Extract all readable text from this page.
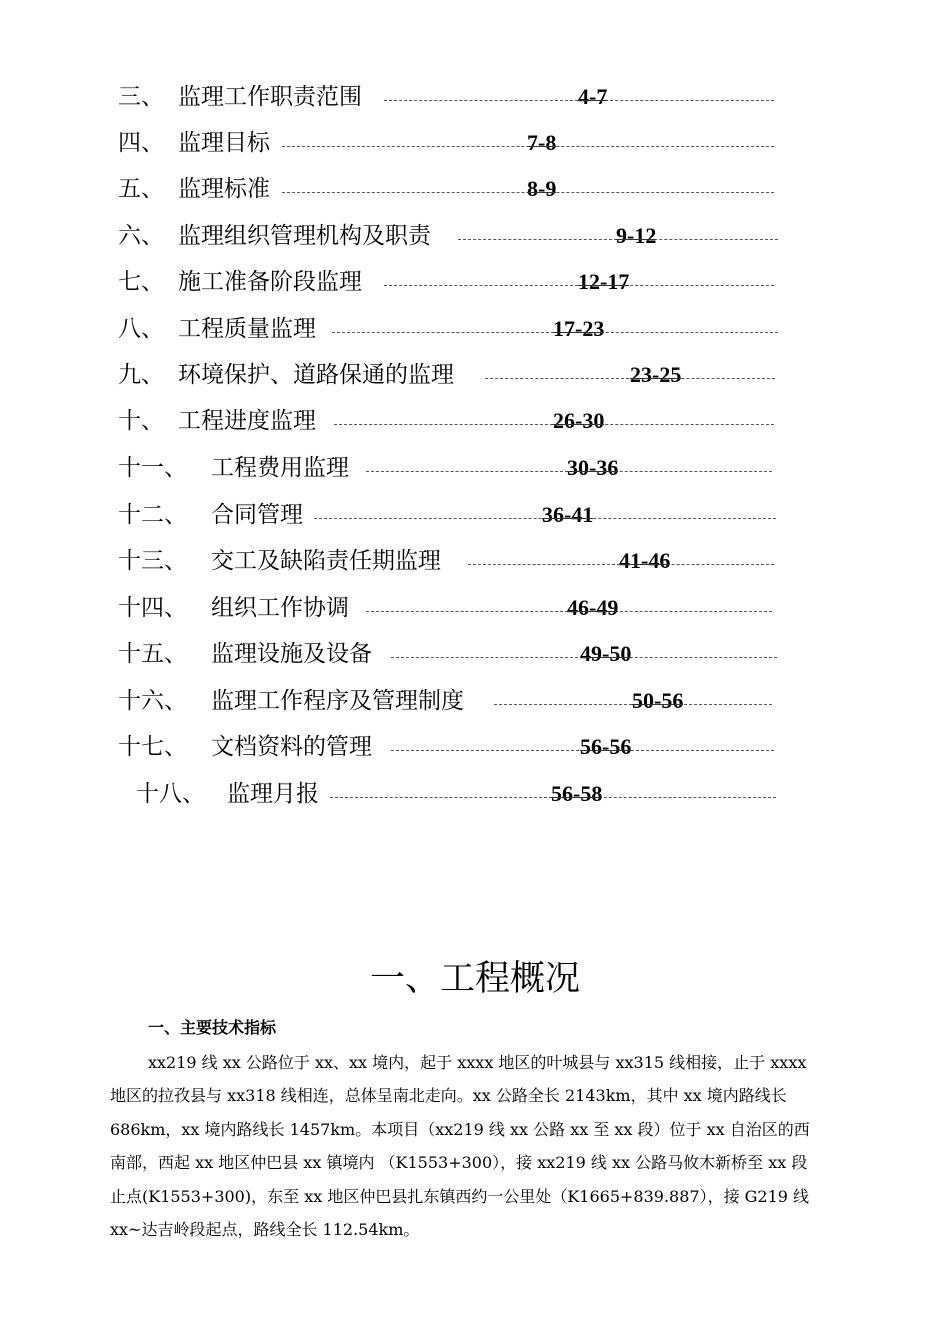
三、 监理工作职责范围	4-7
四、 监理目标	7-8
五、 监理标准	8-9
六、 监理组织管理机构及职责	9-12
七、 施工准备阶段监理	12-17
八、 工程质量监理	17-23
九、 环境保护、道路保通的监理	23-25
十、 工程进度监理	26-30
十一、 工程费用监理	30-36
十二、 合同管理	36-41
十三、 交工及缺陷责任期监理	41-46
十四、 组织工作协调	46-49
十五、 监理设施及设备	49-50
十六、 监理工作程序及管理制度	50-56
十七、 文档资料的管理	56-56
十八、 监理月报	56-58
一、工程概况
一、主要技术指标
xx219 线 xx 公路位于 xx、xx 境内，起于 xxxx 地区的叶城县与 xx315 线相接，止于 xxxx
地区的拉孜县与 xx318 线相连，总体呈南北走向。xx 公路全长 2143km，其中 xx 境内路线长
686km，xx 境内路线长 1457km。本项目（xx219 线 xx 公路 xx 至 xx 段）位于 xx 自治区的西
南部，西起 xx 地区仲巴县 xx 镇境内 （K1553+300），接 xx219 线 xx 公路马攸木新桥至 xx 段
止点(K1553+300)，东至 xx 地区仲巴县扎东镇西约一公里处（K1665+839.887），接 G219 线
xx~达吉岭段起点，路线全长 112.54km。
